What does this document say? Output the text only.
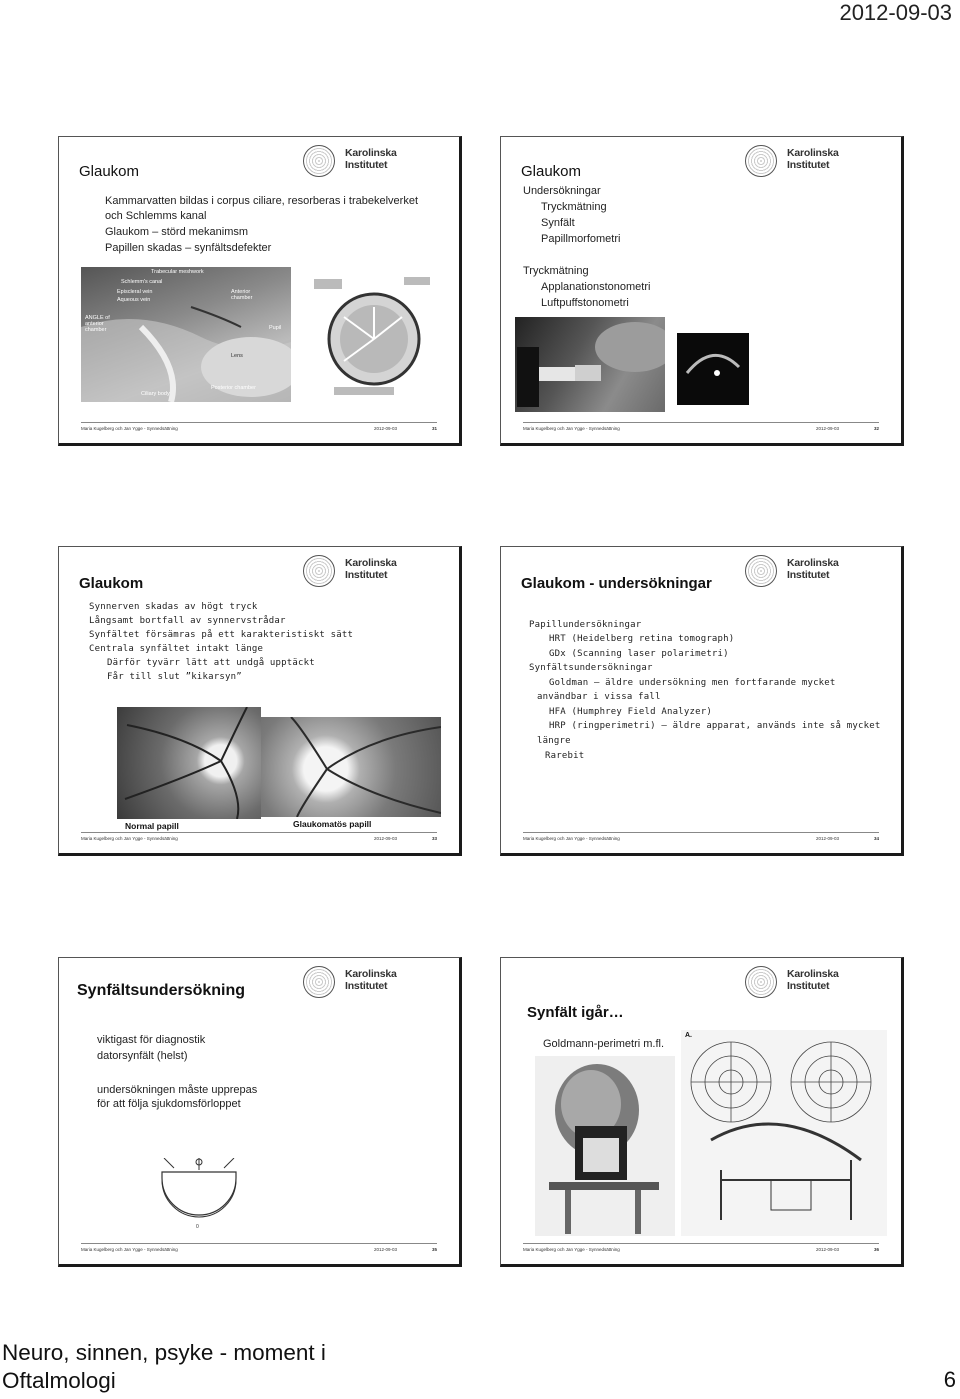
2012-09-03
Glaukom
Karolinska
Institutet
Kammarvatten bildas i corpus ciliare, resorberas i trabekelverket
och Schlemms kanal
Glaukom – störd mekanimsm
Papillen skadas – synfältsdefekter
Trabecular meshwork
Schlemm's canal
Episcleral vein
Aqueous vein
ANGLE of anterior chamber
Anterior chamber
Pupil
Lens
Posterior chamber
Ciliary body
Maria Kugelberg och Jan Ygge - Synnedsättning	2012-09-03	31
Glaukom
Karolinska
Institutet
Undersökningar
Tryckmätning
Synfält
Papillmorfometri
Tryckmätning
Applanationstonometri
Luftpuffstonometri
Maria Kugelberg och Jan Ygge - Synnedsättning	2012-09-03	32
Glaukom
Karolinska
Institutet
Synnerven skadas av högt tryck
Långsamt bortfall av synnervstrådar
Synfältet försämras på ett karakteristiskt sätt
Centrala synfältet intakt länge
Därför tyvärr lätt att undgå upptäckt
Får till slut ”kikarsyn”
Normal papill	Glaukomatös papill
Maria Kugelberg och Jan Ygge - Synnedsättning	2012-09-03	33
Glaukom - undersökningar
Karolinska
Institutet
Papillundersökningar
HRT (Heidelberg retina tomograph)
GDx (Scanning laser polarimetri)
Synfältsundersökningar
Goldman – äldre undersökning men fortfarande mycket
användbar i vissa fall
HFA (Humphrey Field Analyzer)
HRP (ringperimetri) – äldre apparat, används inte så mycket
längre
Rarebit
Maria Kugelberg och Jan Ygge - Synnedsättning	2012-09-03	34
Synfältsundersökning
Karolinska
Institutet
viktigast för diagnostik
datorsynfält (helst)
undersökningen måste upprepas
för att följa sjukdomsförloppet
0
Maria Kugelberg och Jan Ygge - Synnedsättning	2012-09-03	35
Synfält igår…
Karolinska
Institutet
Goldmann-perimetri m.fl.
A.
Maria Kugelberg och Jan Ygge - Synnedsättning	2012-09-03	36
Neuro, sinnen, psyke - moment i
Oftalmologi	6
